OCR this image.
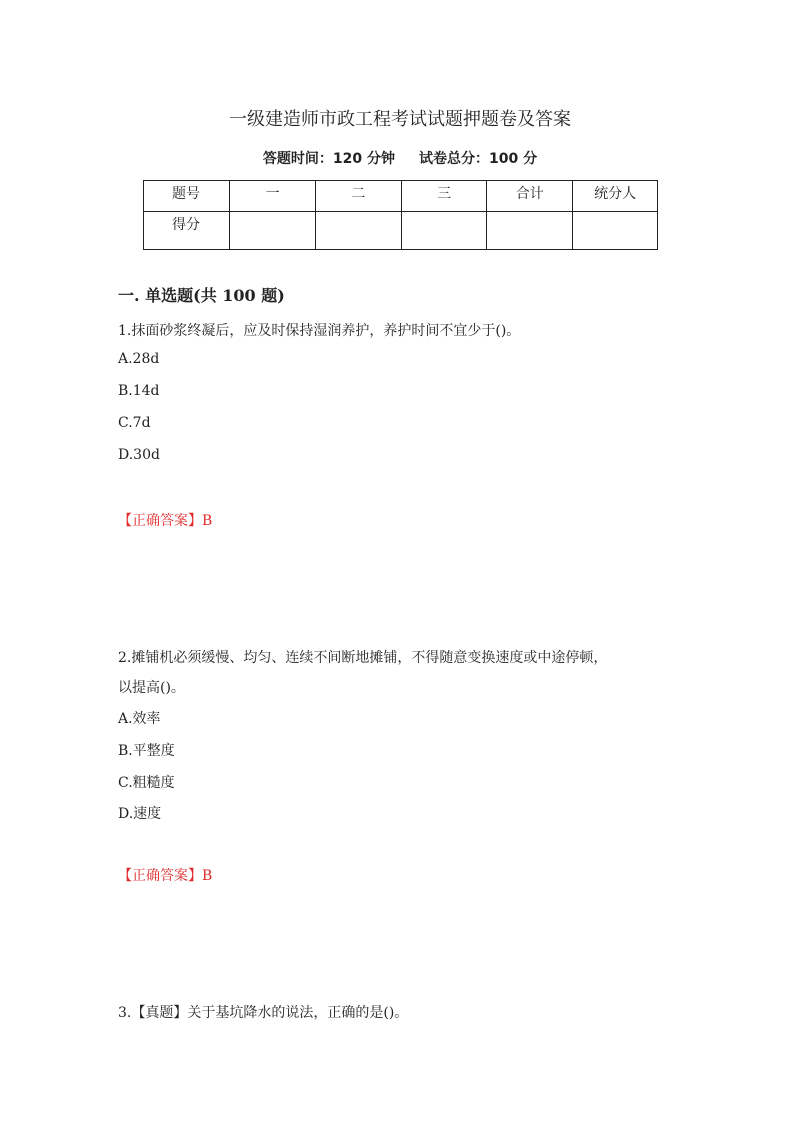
一级建造师市政工程考试试题押题卷及答案
答题时间：120 分钟 试卷总分：100 分
题号	一	二	三	合计	统分人
得分					
一. 单选题(共 100 题)
1.抹面砂浆终凝后，应及时保持湿润养护，养护时间不宜少于()。
A.28d
B.14d
C.7d
D.30d
【正确答案】B
2.摊铺机必须缓慢、均匀、连续不间断地摊铺，不得随意变换速度或中途停顿，
以提高()。
A.效率
B.平整度
C.粗糙度
D.速度
【正确答案】B
3.【真题】关于基坑降水的说法，正确的是()。
